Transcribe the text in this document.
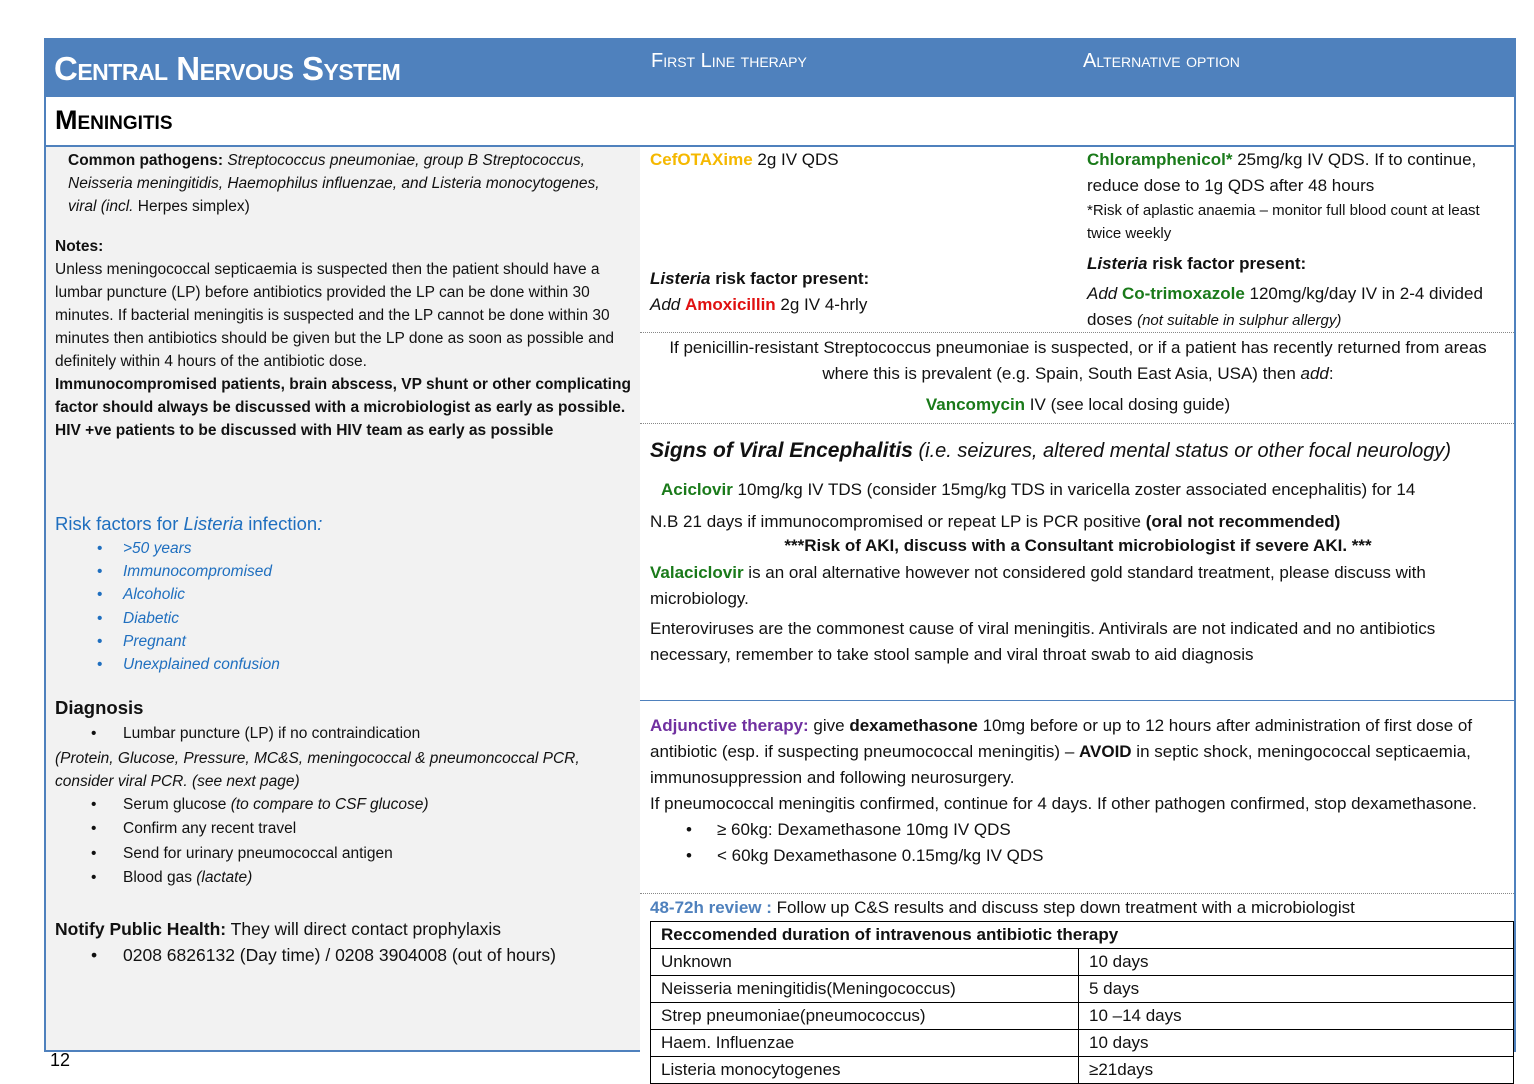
Central Nervous System	First Line therapy	Alternative option
Meningitis
Common pathogens: Streptococcus pneumoniae, group B Streptococcus, Neisseria meningitidis, Haemophilus influenzae, and Listeria monocytogenes, viral (incl. Herpes simplex)
Notes:
Unless meningococcal septicaemia is suspected then the patient should have a lumbar puncture (LP) before antibiotics provided the LP can be done within 30 minutes. If bacterial meningitis is suspected and the LP cannot be done within 30 minutes then antibiotics should be given but the LP done as soon as possible and definitely within 4 hours of the antibiotic dose.
Immunocompromised patients, brain abscess, VP shunt or other complicating factor should always be discussed with a microbiologist as early as possible.
HIV +ve patients to be discussed with HIV team as early as possible
Risk factors for Listeria infection:
• >50 years
• Immunocompromised
• Alcoholic
• Diabetic
• Pregnant
• Unexplained confusion
Diagnosis
• Lumbar puncture (LP) if no contraindication
(Protein, Glucose, Pressure, MC&S, meningococcal & pneumoncoccal PCR, consider viral PCR. (see next page)
• Serum glucose (to compare to CSF glucose)
• Confirm any recent travel
• Send for urinary pneumococcal antigen
• Blood gas (lactate)
Notify Public Health: They will direct contact prophylaxis
• 0208 6826132 (Day time) / 0208 3904008 (out of hours)
CefOTAXime 2g IV QDS
Listeria risk factor present:
Add Amoxicillin 2g IV 4-hrly
Chloramphenicol* 25mg/kg IV QDS. If to continue, reduce dose to 1g QDS after 48 hours
*Risk of aplastic anaemia – monitor full blood count at least twice weekly
Listeria risk factor present:
Add Co-trimoxazole 120mg/kg/day IV in 2-4 divided doses (not suitable in sulphur allergy)
If penicillin-resistant Streptococcus pneumoniae is suspected, or if a patient has recently returned from areas where this is prevalent (e.g. Spain, South East Asia, USA) then add:
Vancomycin IV (see local dosing guide)
Signs of Viral Encephalitis (i.e. seizures, altered mental status or other focal neurology)
Aciclovir 10mg/kg IV TDS (consider 15mg/kg TDS in varicella zoster associated encephalitis) for 14
N.B 21 days if immunocompromised or repeat LP is PCR positive (oral not recommended)
***Risk of AKI, discuss with a Consultant microbiologist if severe AKI. ***
Valaciclovir is an oral alternative however not considered gold standard treatment, please discuss with microbiology.
Enteroviruses are the commonest cause of viral meningitis. Antivirals are not indicated and no antibiotics necessary, remember to take stool sample and viral throat swab to aid diagnosis
Adjunctive therapy: give dexamethasone 10mg before or up to 12 hours after administration of first dose of antibiotic (esp. if suspecting pneumococcal meningitis) – AVOID in septic shock, meningococcal septicaemia, immunosuppression and following neurosurgery.
If pneumococcal meningitis confirmed, continue for 4 days. If other pathogen confirmed, stop dexamethasone.
• ≥ 60kg: Dexamethasone 10mg IV QDS
• < 60kg Dexamethasone 0.15mg/kg IV QDS
48-72h review : Follow up C&S results and discuss step down treatment with a microbiologist
Reccomended duration of intravenous antibiotic therapy	
Unknown	10 days
Neisseria meningitidis(Meningococcus)	5 days
Strep pneumoniae(pneumococcus)	10 –14 days
Haem. Influenzae	10 days
Listeria monocytogenes	≥21days
12
